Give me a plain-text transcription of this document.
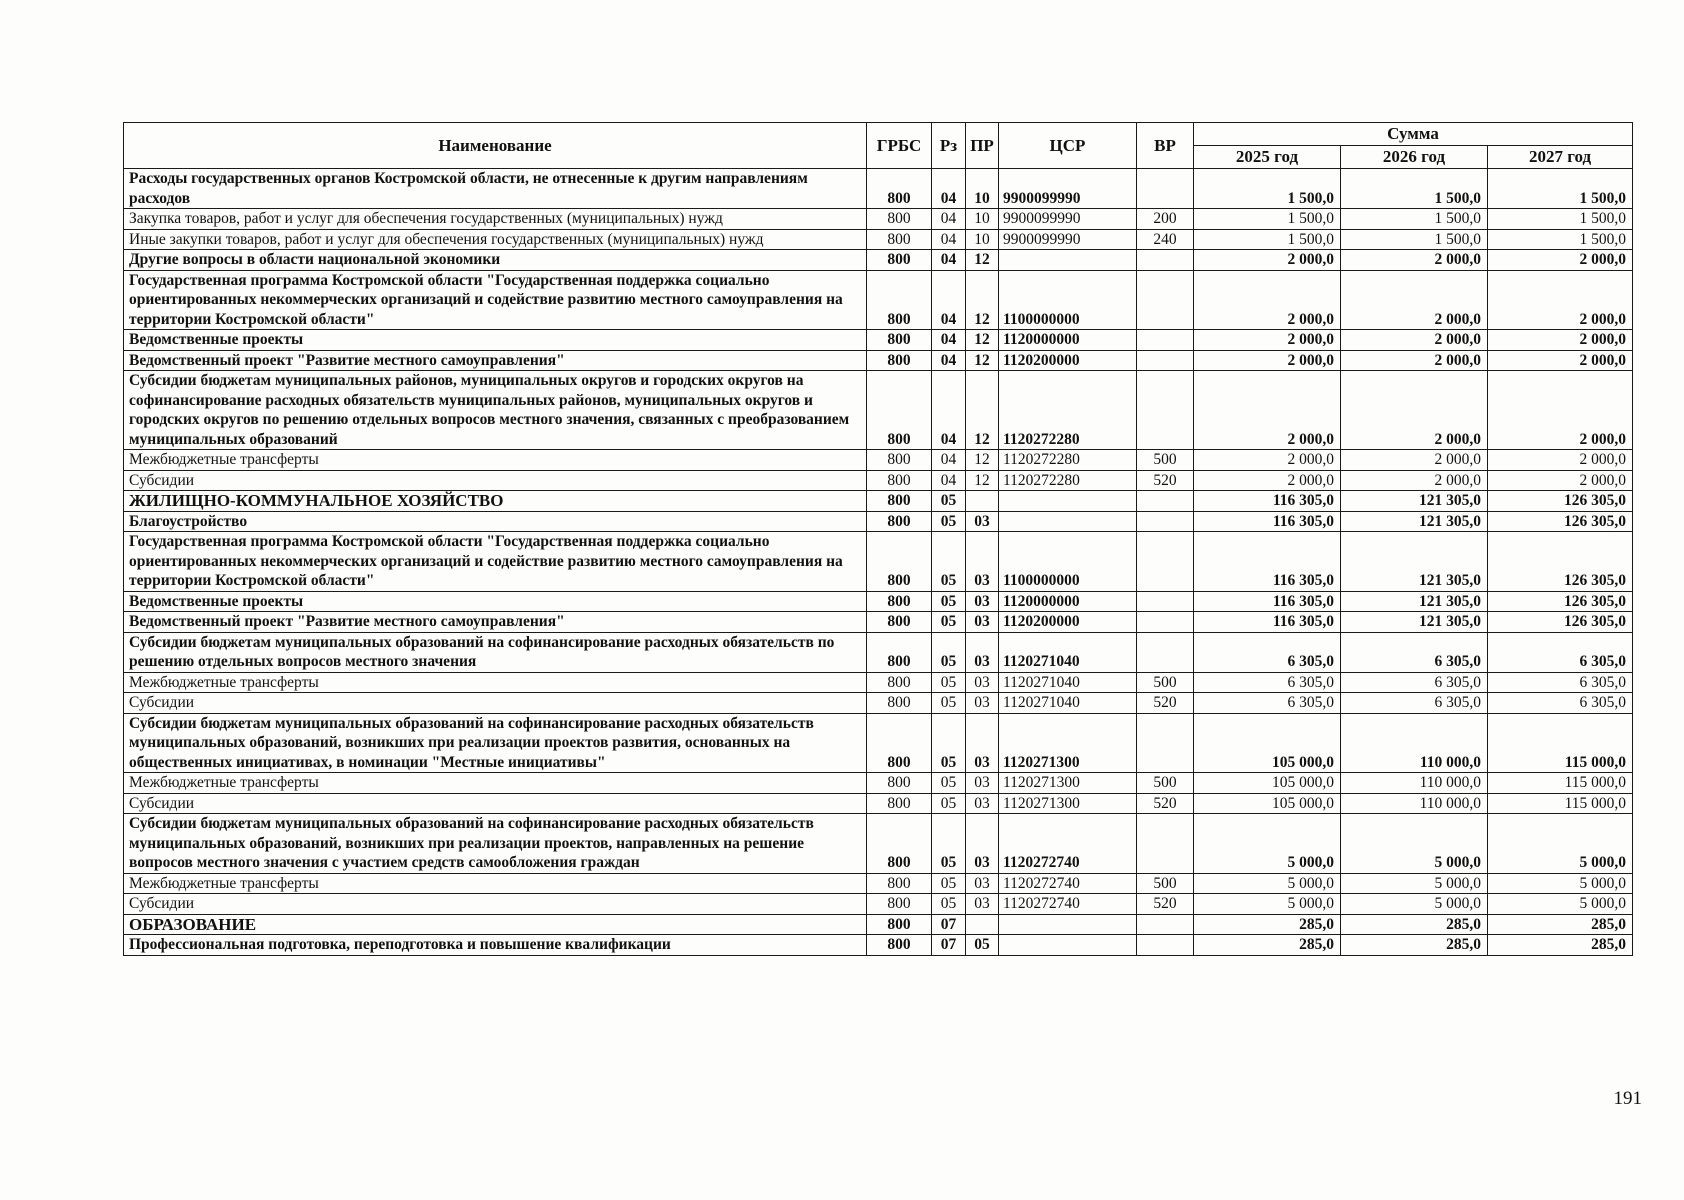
Наименование	ГРБС	Рз	ПР	ЦСР	ВР	Сумма		
						2025 год	2026 год	2027 год
Расходы государственных органов Костромской области, не отнесенные к другим направлениям расходов	800	04	10	9900099990		1 500,0	1 500,0	1 500,0
Закупка товаров, работ и услуг для обеспечения государственных (муниципальных) нужд	800	04	10	9900099990	200	1 500,0	1 500,0	1 500,0
Иные закупки товаров, работ и услуг для обеспечения государственных (муниципальных) нужд	800	04	10	9900099990	240	1 500,0	1 500,0	1 500,0
Другие вопросы в области национальной экономики	800	04	12			2 000,0	2 000,0	2 000,0
Государственная программа Костромской области "Государственная поддержка социально ориентированных некоммерческих организаций и содействие развитию местного самоуправления на территории Костромской области"	800	04	12	1100000000		2 000,0	2 000,0	2 000,0
Ведомственные проекты	800	04	12	1120000000		2 000,0	2 000,0	2 000,0
Ведомственный проект "Развитие местного самоуправления"	800	04	12	1120200000		2 000,0	2 000,0	2 000,0
Субсидии бюджетам муниципальных районов, муниципальных округов и городских округов на софинансирование расходных обязательств муниципальных районов, муниципальных округов и городских округов по решению отдельных вопросов местного значения, связанных с преобразованием муниципальных образований	800	04	12	1120272280		2 000,0	2 000,0	2 000,0
Межбюджетные трансферты	800	04	12	1120272280	500	2 000,0	2 000,0	2 000,0
Субсидии	800	04	12	1120272280	520	2 000,0	2 000,0	2 000,0
ЖИЛИЩНО-КОММУНАЛЬНОЕ ХОЗЯЙСТВО	800	05				116 305,0	121 305,0	126 305,0
Благоустройство	800	05	03			116 305,0	121 305,0	126 305,0
Государственная программа Костромской области "Государственная поддержка социально ориентированных некоммерческих организаций и содействие развитию местного самоуправления на территории Костромской области"	800	05	03	1100000000		116 305,0	121 305,0	126 305,0
Ведомственные проекты	800	05	03	1120000000		116 305,0	121 305,0	126 305,0
Ведомственный проект "Развитие местного самоуправления"	800	05	03	1120200000		116 305,0	121 305,0	126 305,0
Субсидии бюджетам муниципальных образований на софинансирование расходных обязательств по решению отдельных вопросов местного значения	800	05	03	1120271040		6 305,0	6 305,0	6 305,0
Межбюджетные трансферты	800	05	03	1120271040	500	6 305,0	6 305,0	6 305,0
Субсидии	800	05	03	1120271040	520	6 305,0	6 305,0	6 305,0
Субсидии бюджетам муниципальных образований на софинансирование расходных обязательств муниципальных образований, возникших при реализации проектов развития, основанных на общественных инициативах, в номинации "Местные инициативы"	800	05	03	1120271300		105 000,0	110 000,0	115 000,0
Межбюджетные трансферты	800	05	03	1120271300	500	105 000,0	110 000,0	115 000,0
Субсидии	800	05	03	1120271300	520	105 000,0	110 000,0	115 000,0
Субсидии бюджетам муниципальных образований на софинансирование расходных обязательств муниципальных образований, возникших при реализации проектов, направленных на решение вопросов местного значения с участием средств самообложения граждан	800	05	03	1120272740		5 000,0	5 000,0	5 000,0
Межбюджетные трансферты	800	05	03	1120272740	500	5 000,0	5 000,0	5 000,0
Субсидии	800	05	03	1120272740	520	5 000,0	5 000,0	5 000,0
ОБРАЗОВАНИЕ	800	07				285,0	285,0	285,0
Профессиональная подготовка, переподготовка и повышение квалификации	800	07	05			285,0	285,0	285,0
191
